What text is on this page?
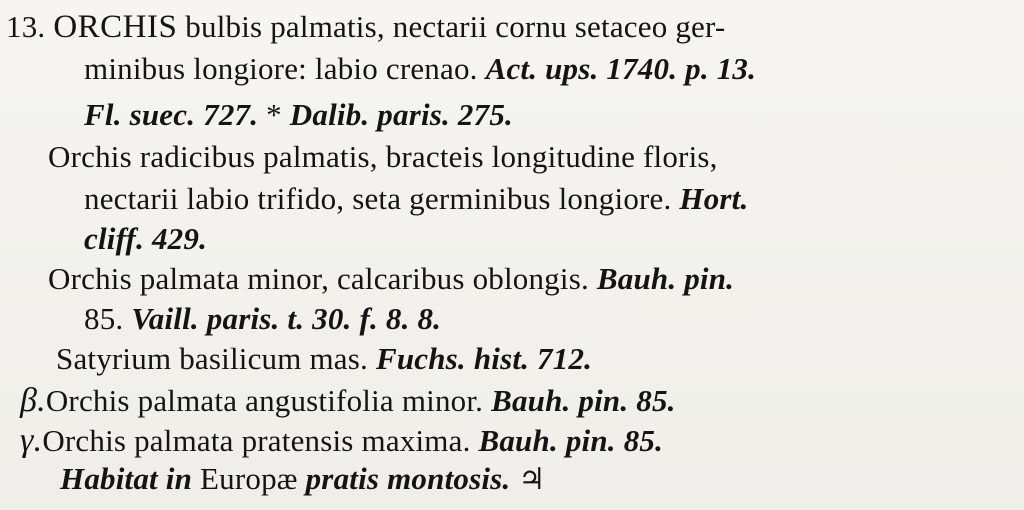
13. ORCHIS bulbis palmatis, nectarii cornu setaceo ger-
minibus longiore: labio crenao. Act. ups. 1740. p. 13.
Fl. suec. 727. * Dalib. paris. 275.
Orchis radicibus palmatis, bracteis longitudine floris,
nectarii labio trifido, seta germinibus longiore. Hort.
cliff. 429.
Orchis palmata minor, calcaribus oblongis. Bauh. pin.
85. Vaill. paris. t. 30. f. 8. 8.
Satyrium basilicum mas. Fuchs. hist. 712.
β.Orchis palmata angustifolia minor. Bauh. pin. 85.
γ.Orchis palmata pratensis maxima. Bauh. pin. 85.
Habitat in Europæ pratis montosis. ♃
